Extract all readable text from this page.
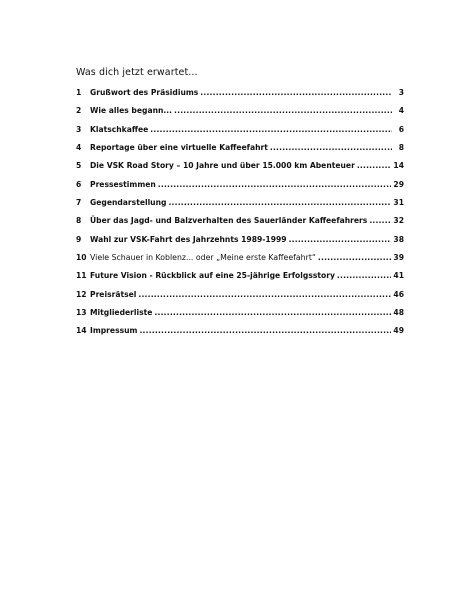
Was dich jetzt erwartet...
1	Grußwort des Präsidiums .....	3
2	Wie alles begann... .....	4
3	Klatschkaffee .....	6
4	Reportage über eine virtuelle Kaffeefahrt .....	8
5	Die VSK Road Story – 10 Jahre und über 15.000 km Abenteuer .....	14
6	Pressestimmen .....	29
7	Gegendarstellung .....	31
8	Über das Jagd- und Balzverhalten des Sauerländer Kaffeefahrers .....	32
9	Wahl zur VSK-Fahrt des Jahrzehnts 1989-1999 .....	38
10 Viele Schauer in Koblenz... oder „Meine erste Kaffeefahrt“ .....	39
11 Future Vision - Rückblick auf eine 25-jährige Erfolgsstory .....	41
12 Preisrätsel .....	46
13 Mitgliederliste .....	48
14 Impressum .....	49
